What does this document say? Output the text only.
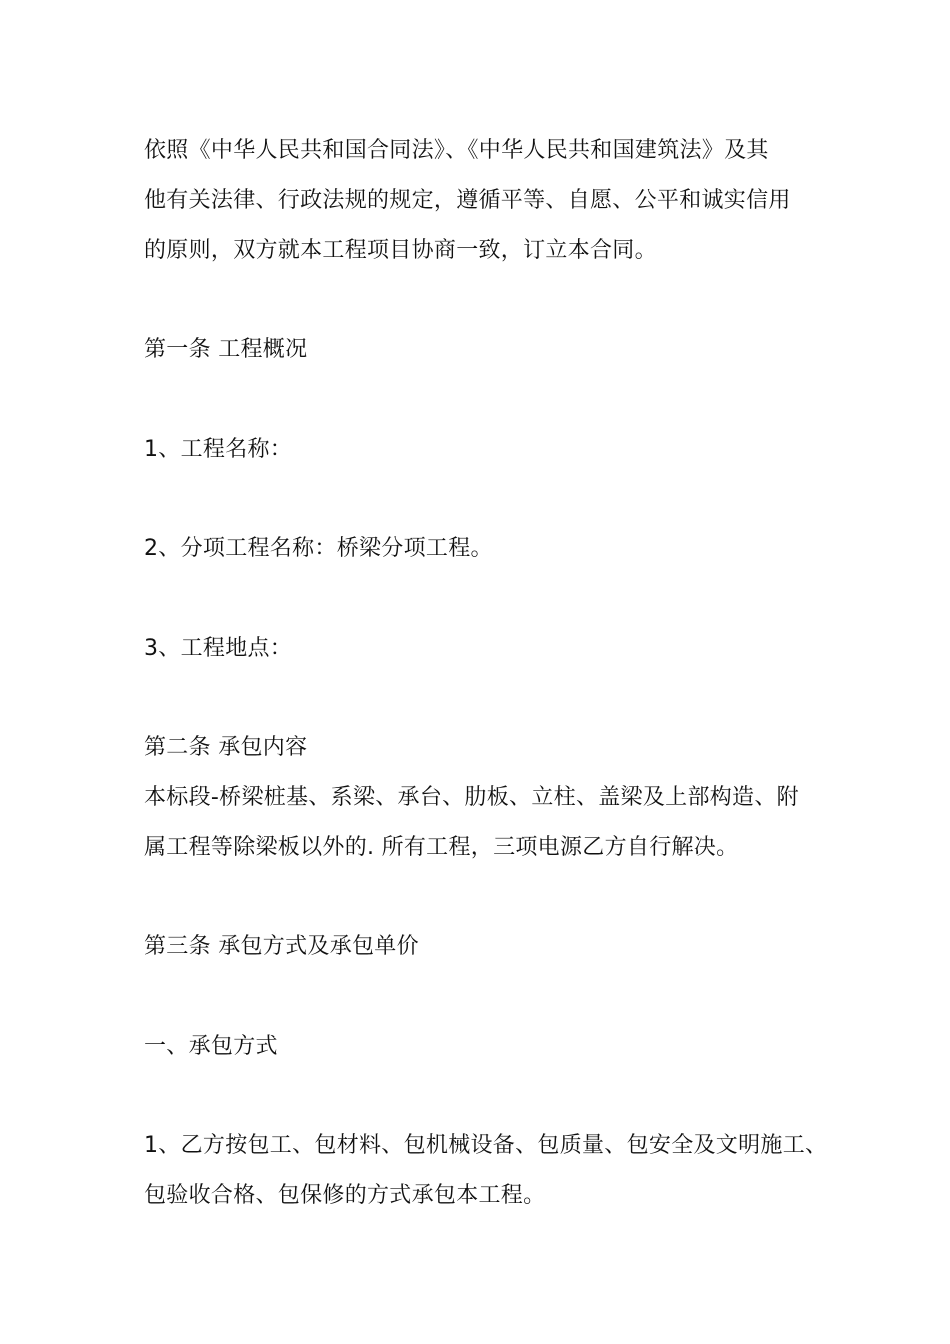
依照《中华人民共和国合同法》、《中华人民共和国建筑法》及其
他有关法律、行政法规的规定，遵循平等、自愿、公平和诚实信用
的原则，双方就本工程项目协商一致，订立本合同。
第一条 工程概况
1、工程名称：
2、分项工程名称：桥梁分项工程。
3、工程地点：
第二条 承包内容
本标段-桥梁桩基、系梁、承台、肋板、立柱、盖梁及上部构造、附
属工程等除梁板以外的. 所有工程，三项电源乙方自行解决。
第三条 承包方式及承包单价
一、承包方式
1、乙方按包工、包材料、包机械设备、包质量、包安全及文明施工、
包验收合格、包保修的方式承包本工程。
